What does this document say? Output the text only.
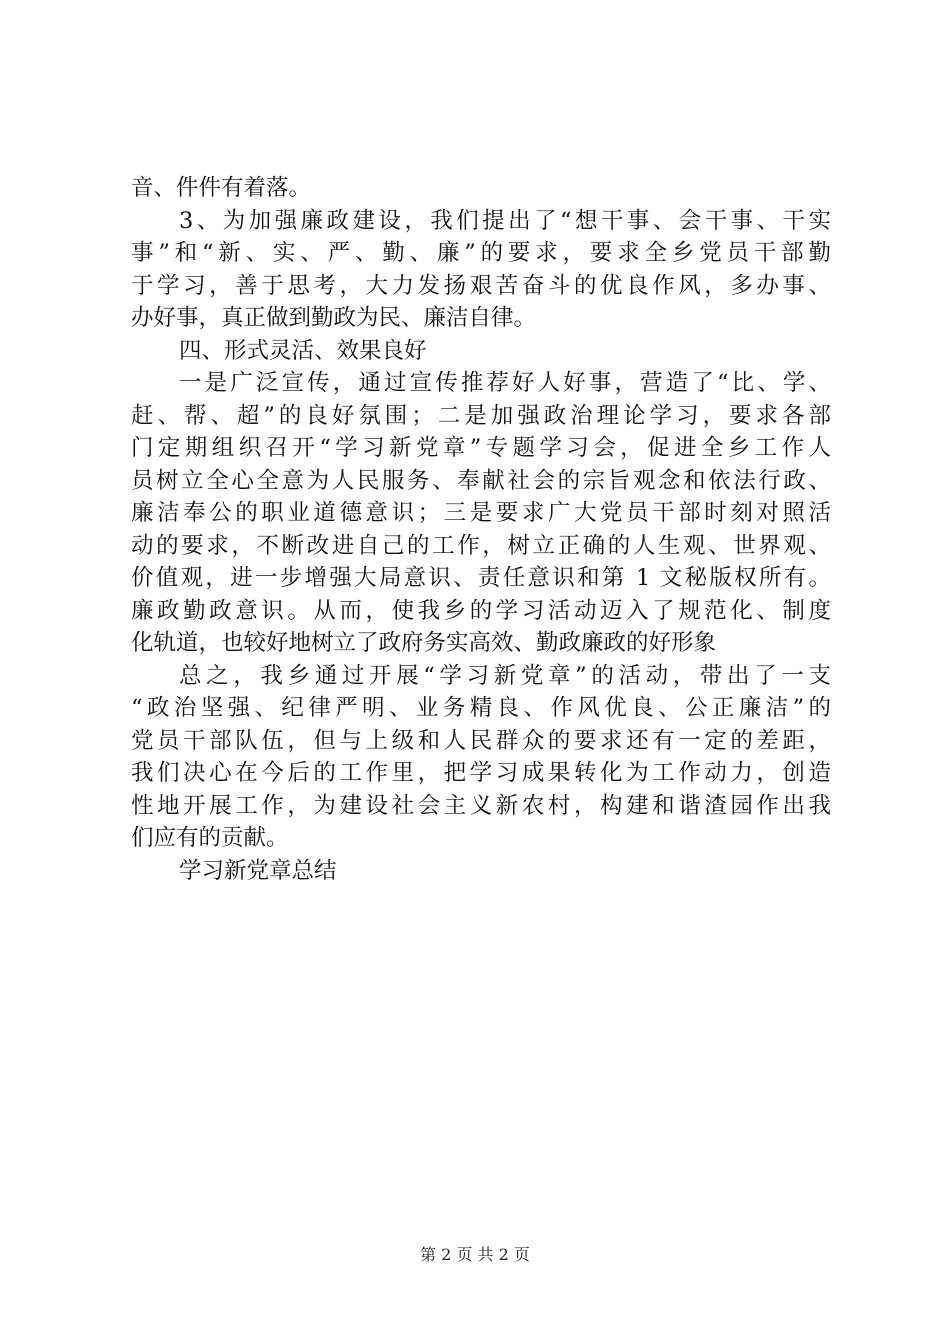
音、件件有着落。
3、为加强廉政建设，我们提出了“想干事、会干事、干实
事”和“新、实、严、勤、廉”的要求，要求全乡党员干部勤
于学习，善于思考，大力发扬艰苦奋斗的优良作风，多办事、
办好事，真正做到勤政为民、廉洁自律。
四、形式灵活、效果良好
一是广泛宣传，通过宣传推荐好人好事，营造了“比、学、
赶、帮、超”的良好氛围；二是加强政治理论学习，要求各部
门定期组织召开“学习新党章”专题学习会，促进全乡工作人
员树立全心全意为人民服务、奉献社会的宗旨观念和依法行政、
廉洁奉公的职业道德意识；三是要求广大党员干部时刻对照活
动的要求，不断改进自己的工作，树立正确的人生观、世界观、
价值观，进一步增强大局意识、责任意识和第 1 文秘版权所有。
廉政勤政意识。从而，使我乡的学习活动迈入了规范化、制度
化轨道，也较好地树立了政府务实高效、勤政廉政的好形象
总之，我乡通过开展“学习新党章”的活动，带出了一支
“政治坚强、纪律严明、业务精良、作风优良、公正廉洁”的
党员干部队伍，但与上级和人民群众的要求还有一定的差距，
我们决心在今后的工作里，把学习成果转化为工作动力，创造
性地开展工作，为建设社会主义新农村，构建和谐渣园作出我
们应有的贡献。
学习新党章总结
第 2 页 共 2 页
